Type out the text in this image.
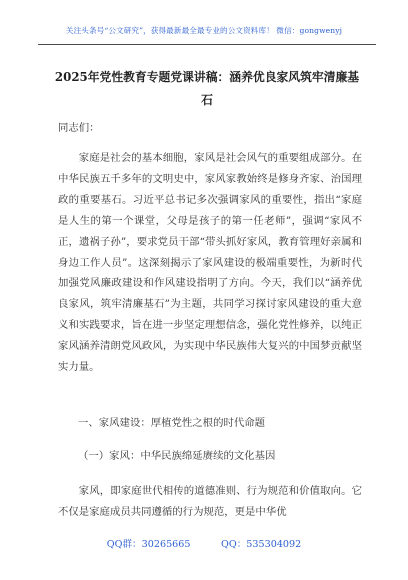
关注头条号“公文研究”，获得最新最全最专业的公文资料库！ 微信：gongwenyj
2025年党性教育专题党课讲稿：涵养优良家风筑牢清廉基石
同志们：
家庭是社会的基本细胞，家风是社会风气的重要组成部分。在中华民族五千多年的文明史中，家风家教始终是修身齐家、治国理政的重要基石。习近平总书记多次强调家风的重要性，指出“家庭是人生的第一个课堂，父母是孩子的第一任老师”，强调“家风不正，遗祸子孙”，要求党员干部“带头抓好家风，教育管理好亲属和身边工作人员”。这深刻揭示了家风建设的极端重要性，为新时代加强党风廉政建设和作风建设指明了方向。今天，我们以“涵养优良家风，筑牢清廉基石”为主题，共同学习探讨家风建设的重大意义和实践要求，旨在进一步坚定理想信念，强化党性修养，以纯正家风涵养清朗党风政风，为实现中华民族伟大复兴的中国梦贡献坚实力量。
一、家风建设：厚植党性之根的时代命题
（一）家风：中华民族绵延赓续的文化基因
家风，即家庭世代相传的道德准则、行为规范和价值取向。它不仅是家庭成员共同遵循的行为规范，更是中华优
QQ群：30265665	QQ：535304092
